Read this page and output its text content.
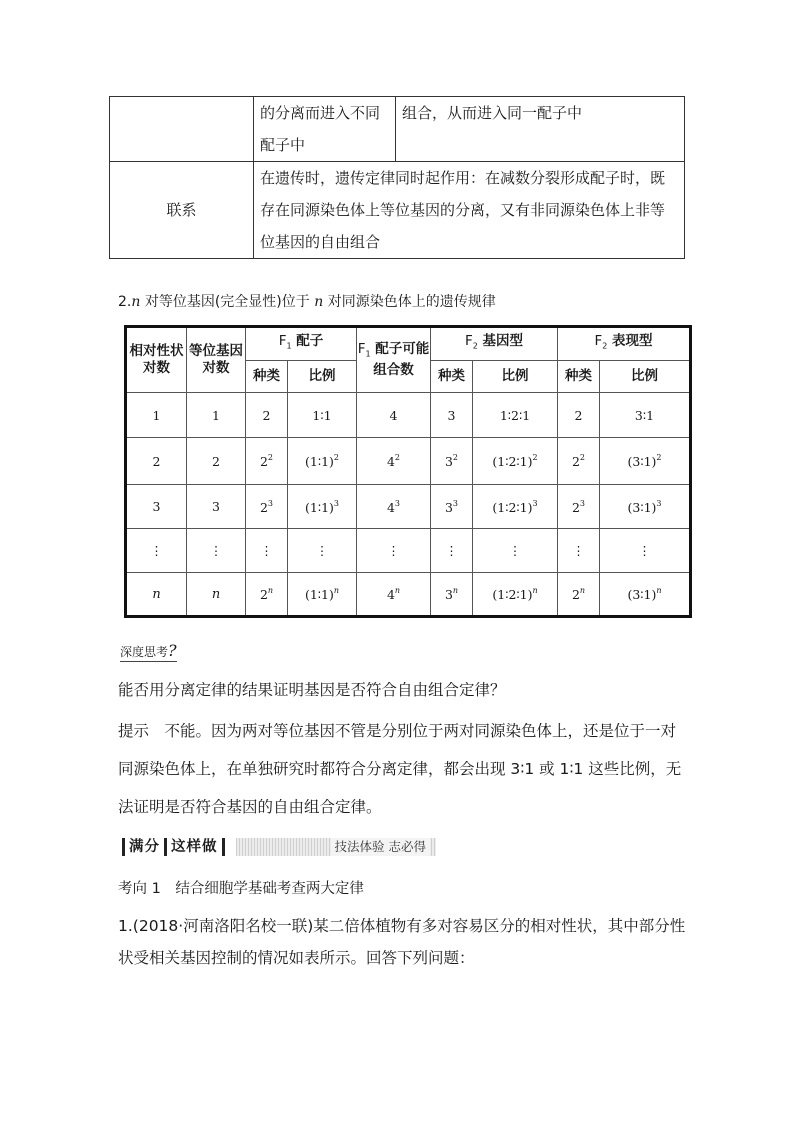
	的分离而进入不同配子中	组合，从而进入同一配子中
联系	在遗传时，遗传定律同时起作用：在减数分裂形成配子时，既存在同源染色体上等位基因的分离，又有非同源染色体上非等位基因的自由组合	
2.n 对等位基因(完全显性)位于 n 对同源染色体上的遗传规律
相对性状对数	等位基因对数	$F_1$ 配子		$F_1$ 配子可能组合数	$F_2$ 基因型		$F_2$ 表现型	
		种类	比例		种类	比例	种类	比例
1	1	2	1∶1	4	3	1∶2∶1	2	3∶1
2	2	$2^2$	(1∶1)$^2$	$4^2$	$3^2$	(1∶2∶1)$^2$	$2^2$	(3∶1)$^2$
3	3	$2^3$	(1∶1)$^3$	$4^3$	$3^3$	(1∶2∶1)$^3$	$2^3$	(3∶1)$^3$
⋮	⋮	⋮	⋮	⋮	⋮	⋮	⋮	⋮
n	n	2$^n$	(1∶1)$^n$	4$^n$	3$^n$	(1∶2∶1)$^n$	2$^n$	(3∶1)$^n$
深度思考?
能否用分离定律的结果证明基因是否符合自由组合定律？
提示　不能。因为两对等位基因不管是分别位于两对同源染色体上，还是位于一对同源染色体上，在单独研究时都符合分离定律，都会出现 3∶1 或 1∶1 这些比例，无法证明是否符合基因的自由组合定律。
满分 这样做	技法体验 志必得
考向 1　结合细胞学基础考查两大定律
1.(2018·河南洛阳名校一联)某二倍体植物有多对容易区分的相对性状，其中部分性状受相关基因控制的情况如表所示。回答下列问题：
